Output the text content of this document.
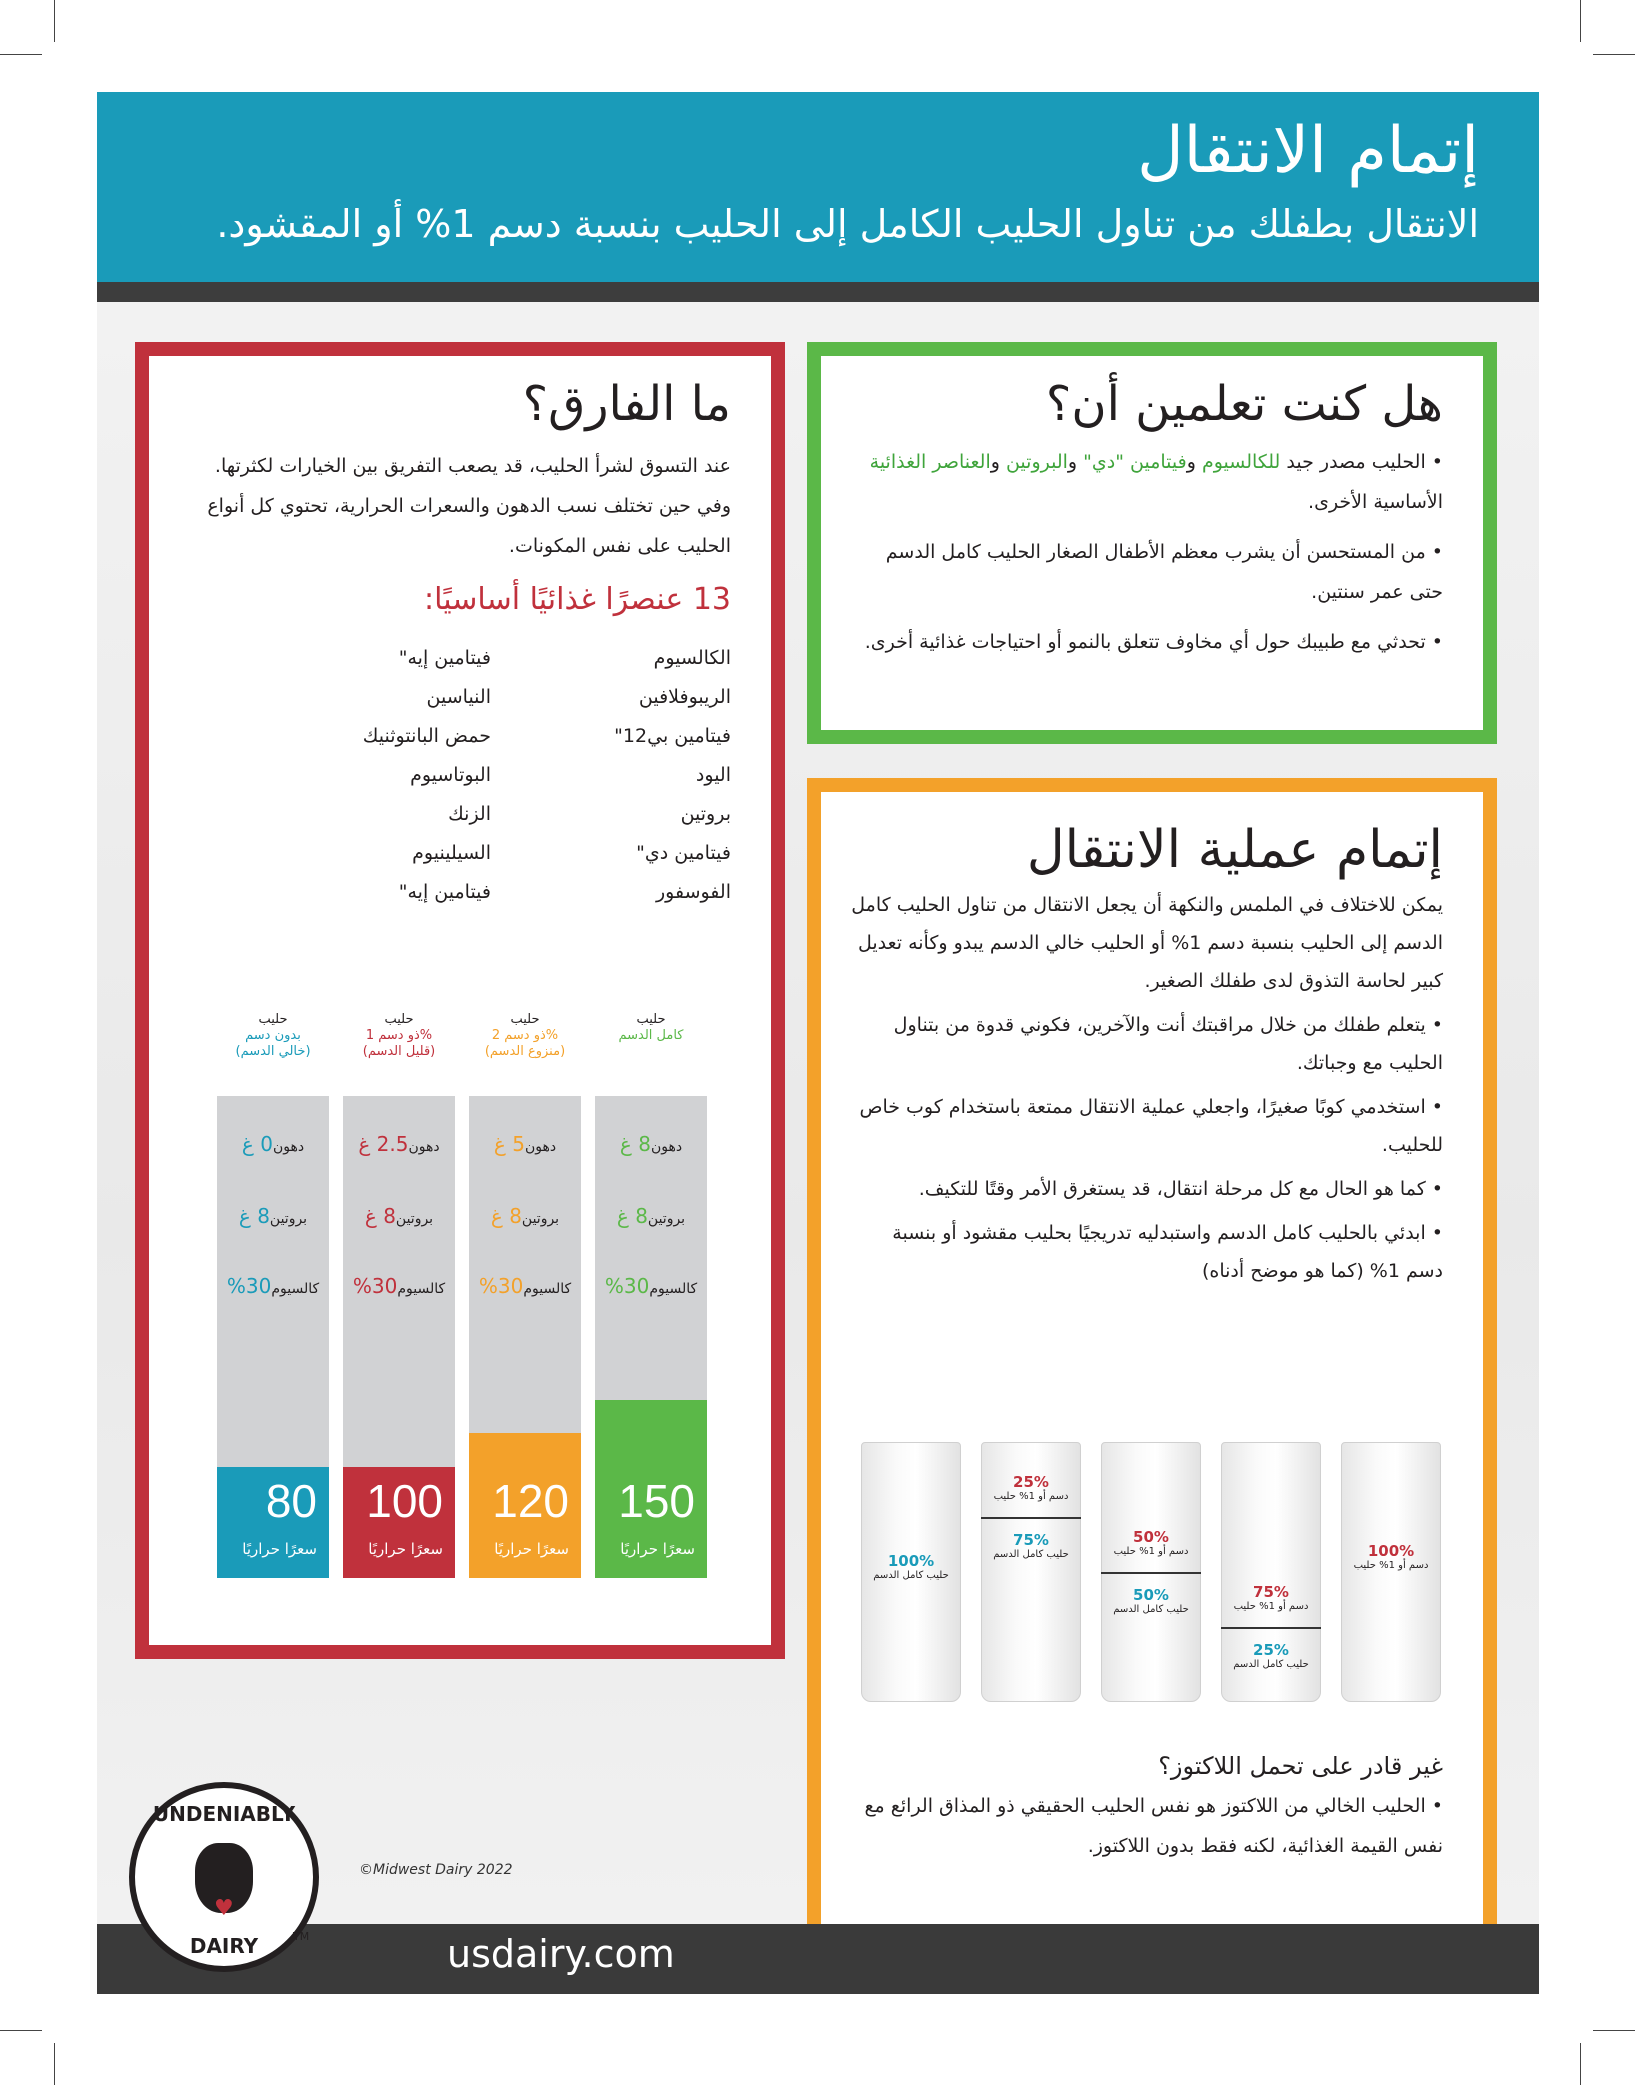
إتمام الانتقال

الانتقال بطفلك من تناول الحليب الكامل إلى الحليب بنسبة دسم 1% أو المقشود.

هل كنت تعلمين أن؟

• الحليب مصدر جيد للكالسيوم وفيتامين "دي" والبروتين والعناصر الغذائية الأساسية الأخرى.

• من المستحسن أن يشرب معظم الأطفال الصغار الحليب كامل الدسم حتى عمر سنتين.

• تحدثي مع طبيبك حول أي مخاوف تتعلق بالنمو أو احتياجات غذائية أخرى.

ما الفارق؟

عند التسوق لشرأ الحليب، قد يصعب التفريق بين الخيارات لكثرتها. وفي حين تختلف نسب الدهون والسعرات الحرارية، تحتوي كل أنواع الحليب على نفس المكونات.

13 عنصرًا غذائيًا أساسيًا:

الكالسيوم
الريبوفلافين
فيتامين بي12"
اليود
بروتين
فيتامين دي"
الفوسفور
فيتامين إيه"
النياسين
حمض البانتوثنيك
البوتاسيوم
الزنك
السيلينيوم
فيتامين إيه"
حليب
كامل الدسم
دهون8 غ
بروتين8 غ
كالسيوم30%
150
سعرًا حراريًا
حليب
ذو دسم 2%
(منزوع الدسم)
دهون5 غ
بروتين8 غ
كالسيوم30%
120
سعرًا حراريًا
حليب
ذو دسم 1%
(قليل الدسم)
دهون2.5 غ
بروتين8 غ
كالسيوم30%
100
سعرًا حراريًا
حليب
بدون دسم
(خالي الدسم)
دهون0 غ
بروتين8 غ
كالسيوم30%
80
سعرًا حراريًا
إتمام عملية الانتقال

يمكن للاختلاف في الملمس والنكهة أن يجعل الانتقال من تناول الحليب كامل الدسم إلى الحليب بنسبة دسم 1% أو الحليب خالي الدسم يبدو وكأنه تعديل كبير لحاسة التذوق لدى طفلك الصغير.

• يتعلم طفلك من خلال مراقبتك أنت والآخرين، فكوني قدوة من بتناول الحليب مع وجباتك.

• استخدمي كوبًا صغيرًا، واجعلي عملية الانتقال ممتعة باستخدام كوب خاص للحليب.

• كما هو الحال مع كل مرحلة انتقال، قد يستغرق الأمر وقتًا للتكيف.

• ابدئي بالحليب كامل الدسم واستبدليه تدريجيًا بحليب مقشود أو بنسبة دسم 1% (كما هو موضح أدناه)

100%
حليب كامل الدسم
25%
دسم أو 1% حليب
75%
حليب كامل الدسم
50%
دسم أو 1% حليب
50%
حليب كامل الدسم
75%
دسم أو 1% حليب
25%
حليب كامل الدسم
100%
دسم أو 1% حليب

غير قادر على تحمل اللاكتوز؟

• الحليب الخالي من اللاكتوز هو نفس الحليب الحقيقي ذو المذاق الرائع مع نفس القيمة الغذائية، لكنه فقط بدون اللاكتوز.

usdairy.com

©Midwest Dairy 2022
UNDENIABLY
♥
DAIRY	TM
